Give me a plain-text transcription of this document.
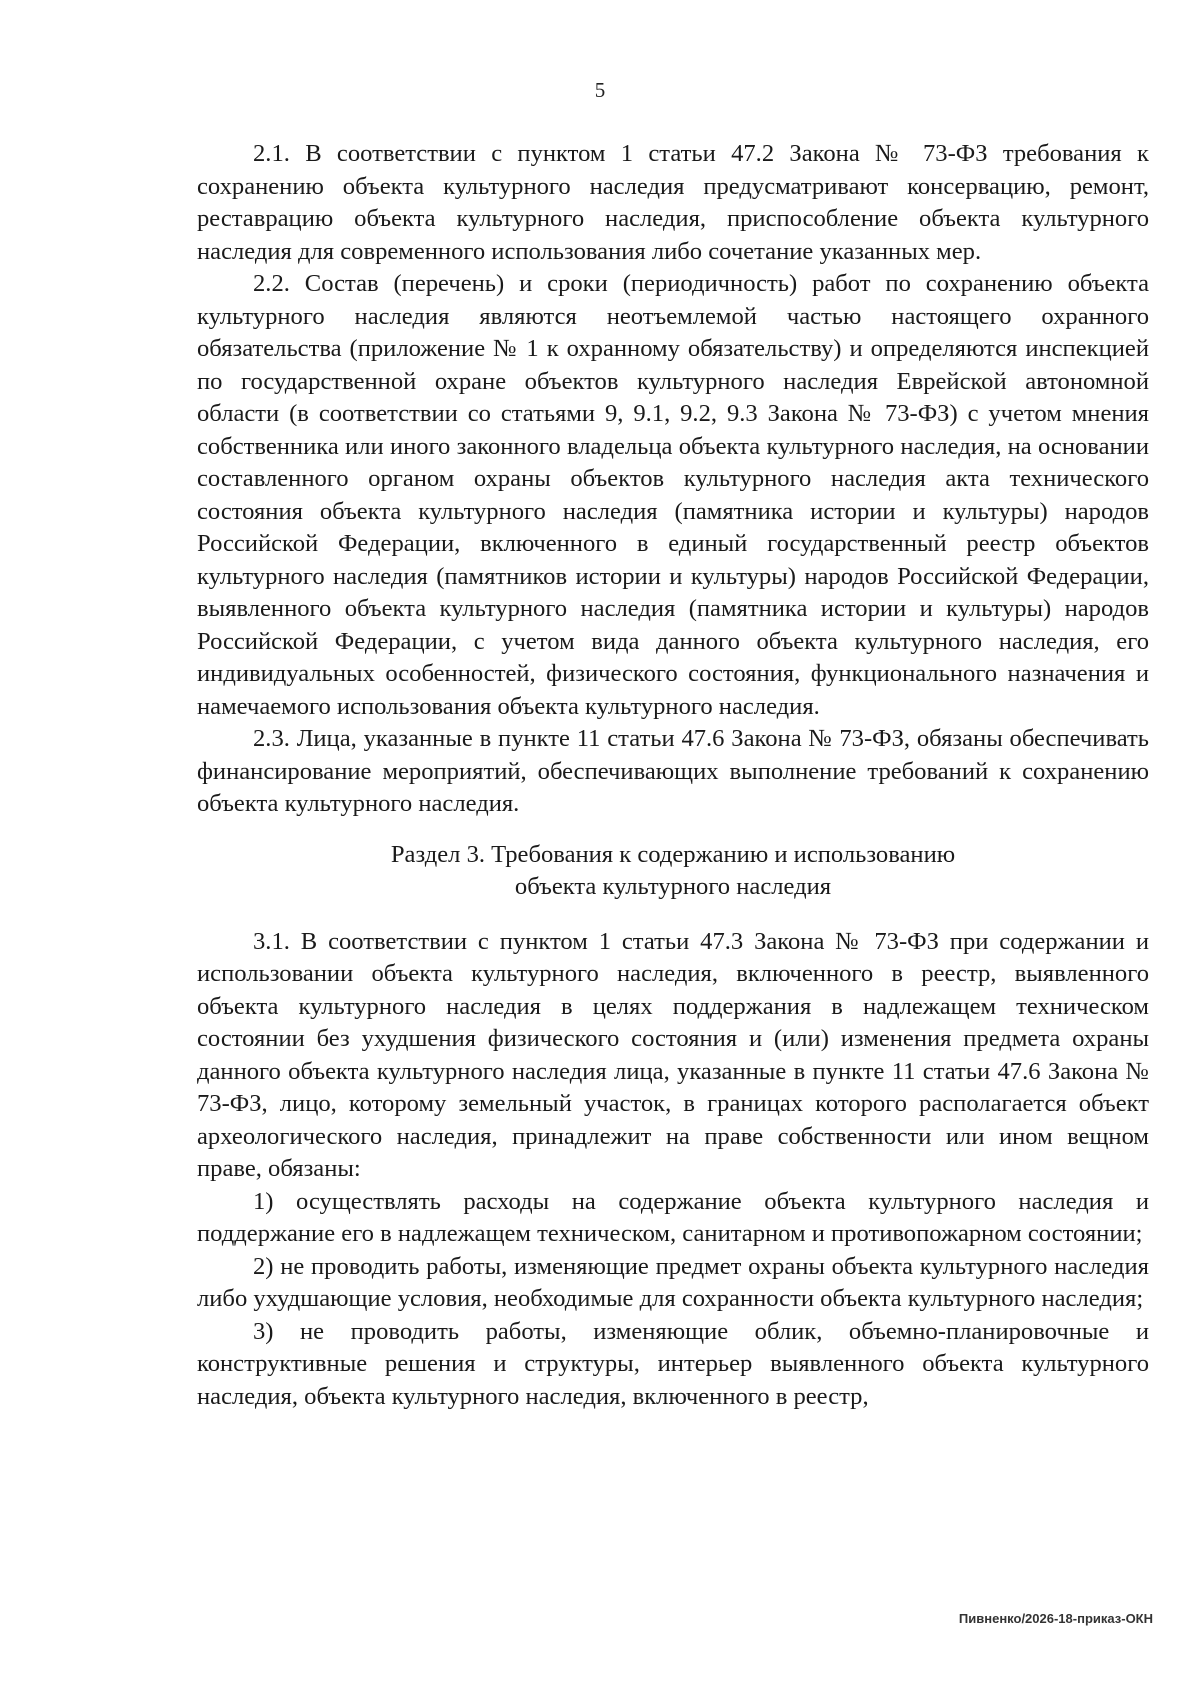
5

2.1. В соответствии с пунктом 1 статьи 47.2 Закона № 73-ФЗ требования к сохранению объекта культурного наследия предусматривают консервацию, ремонт, реставрацию объекта культурного наследия, приспособление объекта культурного наследия для современного использования либо сочетание указанных мер.

2.2. Состав (перечень) и сроки (периодичность) работ по сохранению объекта культурного наследия являются неотъемлемой частью настоящего охранного обязательства (приложение № 1 к охранному обязательству) и определяются инспекцией по государственной охране объектов культурного наследия Еврейской автономной области (в соответствии со статьями 9, 9.1, 9.2, 9.3 Закона № 73-ФЗ) с учетом мнения собственника или иного законного владельца объекта культурного наследия, на основании составленного органом охраны объектов культурного наследия акта технического состояния объекта культурного наследия (памятника истории и культуры) народов Российской Федерации, включенного в единый государственный реестр объектов культурного наследия (памятников истории и культуры) народов Российской Федерации, выявленного объекта культурного наследия (памятника истории и культуры) народов Российской Федерации, с учетом вида данного объекта культурного наследия, его индивидуальных особенностей, физического состояния, функционального назначения и намечаемого использования объекта культурного наследия.

2.3. Лица, указанные в пункте 11 статьи 47.6 Закона № 73-ФЗ, обязаны обеспечивать финансирование мероприятий, обеспечивающих выполнение требований к сохранению объекта культурного наследия.

Раздел 3. Требования к содержанию и использованию
объекта культурного наследия

3.1. В соответствии с пунктом 1 статьи 47.3 Закона № 73-ФЗ при содержании и использовании объекта культурного наследия, включенного в реестр, выявленного объекта культурного наследия в целях поддержания в надлежащем техническом состоянии без ухудшения физического состояния и (или) изменения предмета охраны данного объекта культурного наследия лица, указанные в пункте 11 статьи 47.6 Закона № 73-ФЗ, лицо, которому земельный участок, в границах которого располагается объект археологического наследия, принадлежит на праве собственности или ином вещном праве, обязаны:

1) осуществлять расходы на содержание объекта культурного наследия и поддержание его в надлежащем техническом, санитарном и противопожарном состоянии;

2) не проводить работы, изменяющие предмет охраны объекта культурного наследия либо ухудшающие условия, необходимые для сохранности объекта культурного наследия;

3) не проводить работы, изменяющие облик, объемно-планировочные и конструктивные решения и структуры, интерьер выявленного объекта культурного наследия, объекта культурного наследия, включенного в реестр,

Пивненко/2026-18-приказ-ОКН
